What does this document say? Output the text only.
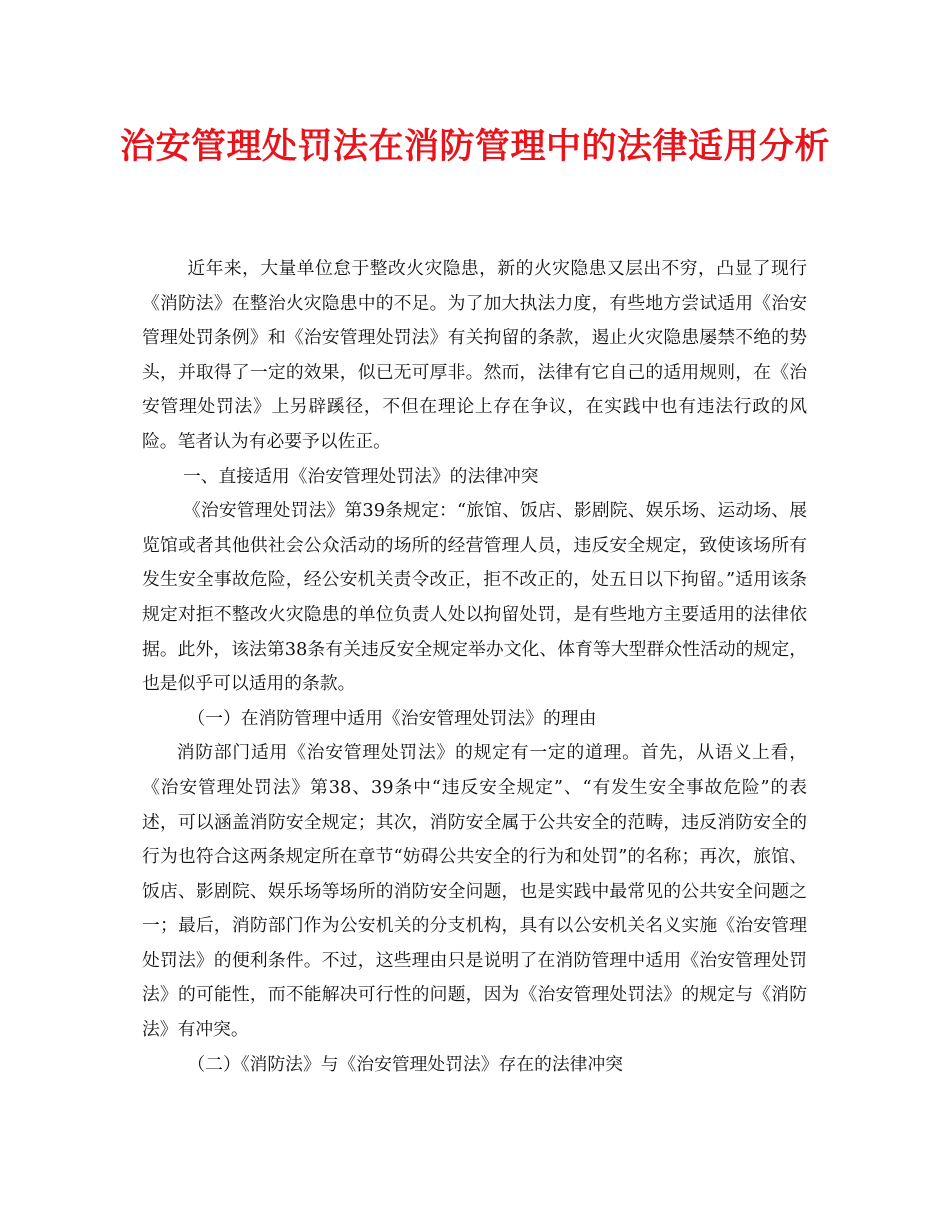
治安管理处罚法在消防管理中的法律适用分析

近年来，大量单位怠于整改火灾隐患，新的火灾隐患又层出不穷，凸显了现行《消防法》在整治火灾隐患中的不足。为了加大执法力度，有些地方尝试适用《治安管理处罚条例》和《治安管理处罚法》有关拘留的条款，遏止火灾隐患屡禁不绝的势头，并取得了一定的效果，似已无可厚非。然而，法律有它自己的适用规则，在《治安管理处罚法》上另辟蹊径，不但在理论上存在争议，在实践中也有违法行政的风险。笔者认为有必要予以佐正。

一、直接适用《治安管理处罚法》的法律冲突

《治安管理处罚法》第39条规定：“旅馆、饭店、影剧院、娱乐场、运动场、展览馆或者其他供社会公众活动的场所的经营管理人员，违反安全规定，致使该场所有发生安全事故危险，经公安机关责令改正，拒不改正的，处五日以下拘留。”适用该条规定对拒不整改火灾隐患的单位负责人处以拘留处罚，是有些地方主要适用的法律依据。此外，该法第38条有关违反安全规定举办文化、体育等大型群众性活动的规定，也是似乎可以适用的条款。

（一）在消防管理中适用《治安管理处罚法》的理由

消防部门适用《治安管理处罚法》的规定有一定的道理。首先，从语义上看，《治安管理处罚法》第38、39条中“违反安全规定”、“有发生安全事故危险”的表述，可以涵盖消防安全规定；其次，消防安全属于公共安全的范畴，违反消防安全的行为也符合这两条规定所在章节“妨碍公共安全的行为和处罚”的名称；再次，旅馆、饭店、影剧院、娱乐场等场所的消防安全问题，也是实践中最常见的公共安全问题之一；最后，消防部门作为公安机关的分支机构，具有以公安机关名义实施《治安管理处罚法》的便利条件。不过，这些理由只是说明了在消防管理中适用《治安管理处罚法》的可能性，而不能解决可行性的问题，因为《治安管理处罚法》的规定与《消防法》有冲突。

（二）《消防法》与《治安管理处罚法》存在的法律冲突
